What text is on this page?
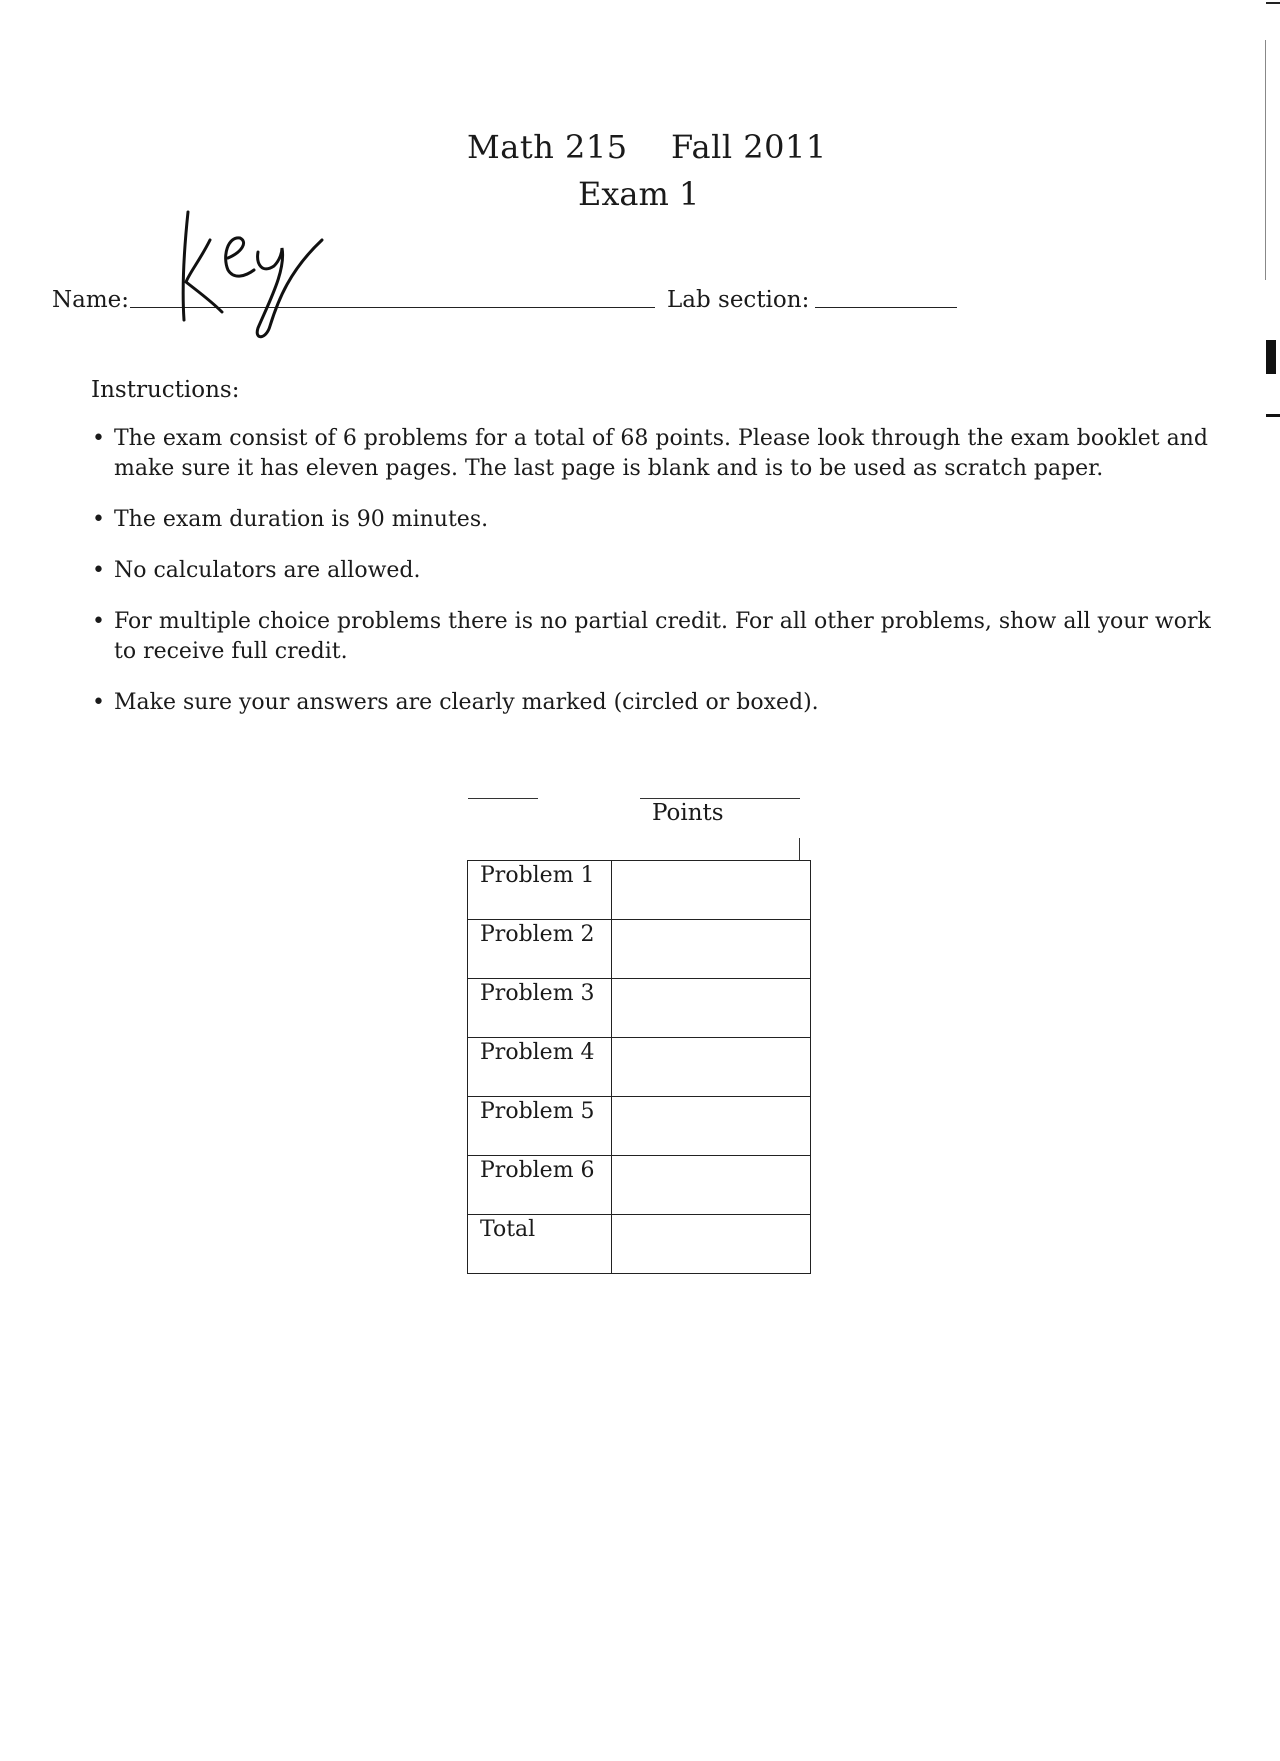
Math 215 Fall 2011
Exam 1
Name:	Lab section:
Instructions:
• The exam consist of 6 problems for a total of 68 points. Please look through the exam booklet and make sure it has eleven pages. The last page is blank and is to be used as scratch paper.
• The exam duration is 90 minutes.
• No calculators are allowed.
• For multiple choice problems there is no partial credit. For all other problems, show all your work to receive full credit.
• Make sure your answers are clearly marked (circled or boxed).
Points
Problem 1	
Problem 2	
Problem 3	
Problem 4	
Problem 5	
Problem 6	
Total	
